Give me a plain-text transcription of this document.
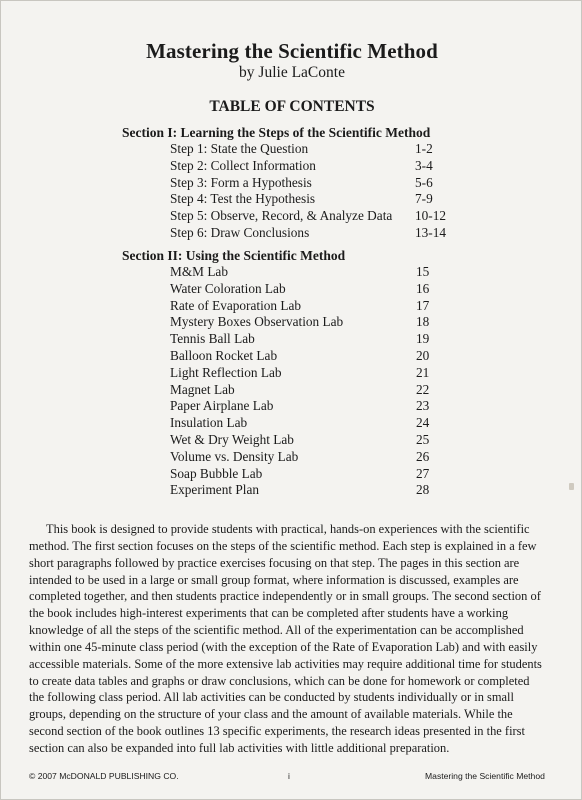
Mastering the Scientific Method
by Julie LaConte
TABLE OF CONTENTS
Section I: Learning the Steps of the Scientific Method
Step 1: State the Question	1-2
Step 2: Collect Information	3-4
Step 3: Form a Hypothesis	5-6
Step 4: Test the Hypothesis	7-9
Step 5: Observe, Record, & Analyze Data 10-12
Step 6: Draw Conclusions	13-14
Section II: Using the Scientific Method
M&M Lab	15
Water Coloration Lab	16
Rate of Evaporation Lab	17
Mystery Boxes Observation Lab	18
Tennis Ball Lab	19
Balloon Rocket Lab	20
Light Reflection Lab	21
Magnet Lab	22
Paper Airplane Lab	23
Insulation Lab	24
Wet & Dry Weight Lab	25
Volume vs. Density Lab	26
Soap Bubble Lab	27
Experiment Plan	28

This book is designed to provide students with practical, hands-on experiences with the scientific method. The first section focuses on the steps of the scientific method. Each step is explained in a few short paragraphs followed by practice exercises focusing on that step. The pages in this section are intended to be used in a large or small group format, where information is discussed, examples are completed together, and then students practice independently or in small groups. The second section of the book includes high-interest experiments that can be completed after students have a working knowledge of all the steps of the scientific method. All of the experimentation can be accomplished within one 45-minute class period (with the exception of the Rate of Evaporation Lab) and with easily accessible materials. Some of the more extensive lab activities may require additional time for students to create data tables and graphs or draw conclusions, which can be done for homework or completed the following class period. All lab activities can be conducted by students individually or in small groups, depending on the structure of your class and the amount of available materials. While the second section of the book outlines 13 specific experiments, the research ideas presented in the first section can also be expanded into full lab activities with little additional preparation.

© 2007 McDONALD PUBLISHING CO.	i	Mastering the Scientific Method
